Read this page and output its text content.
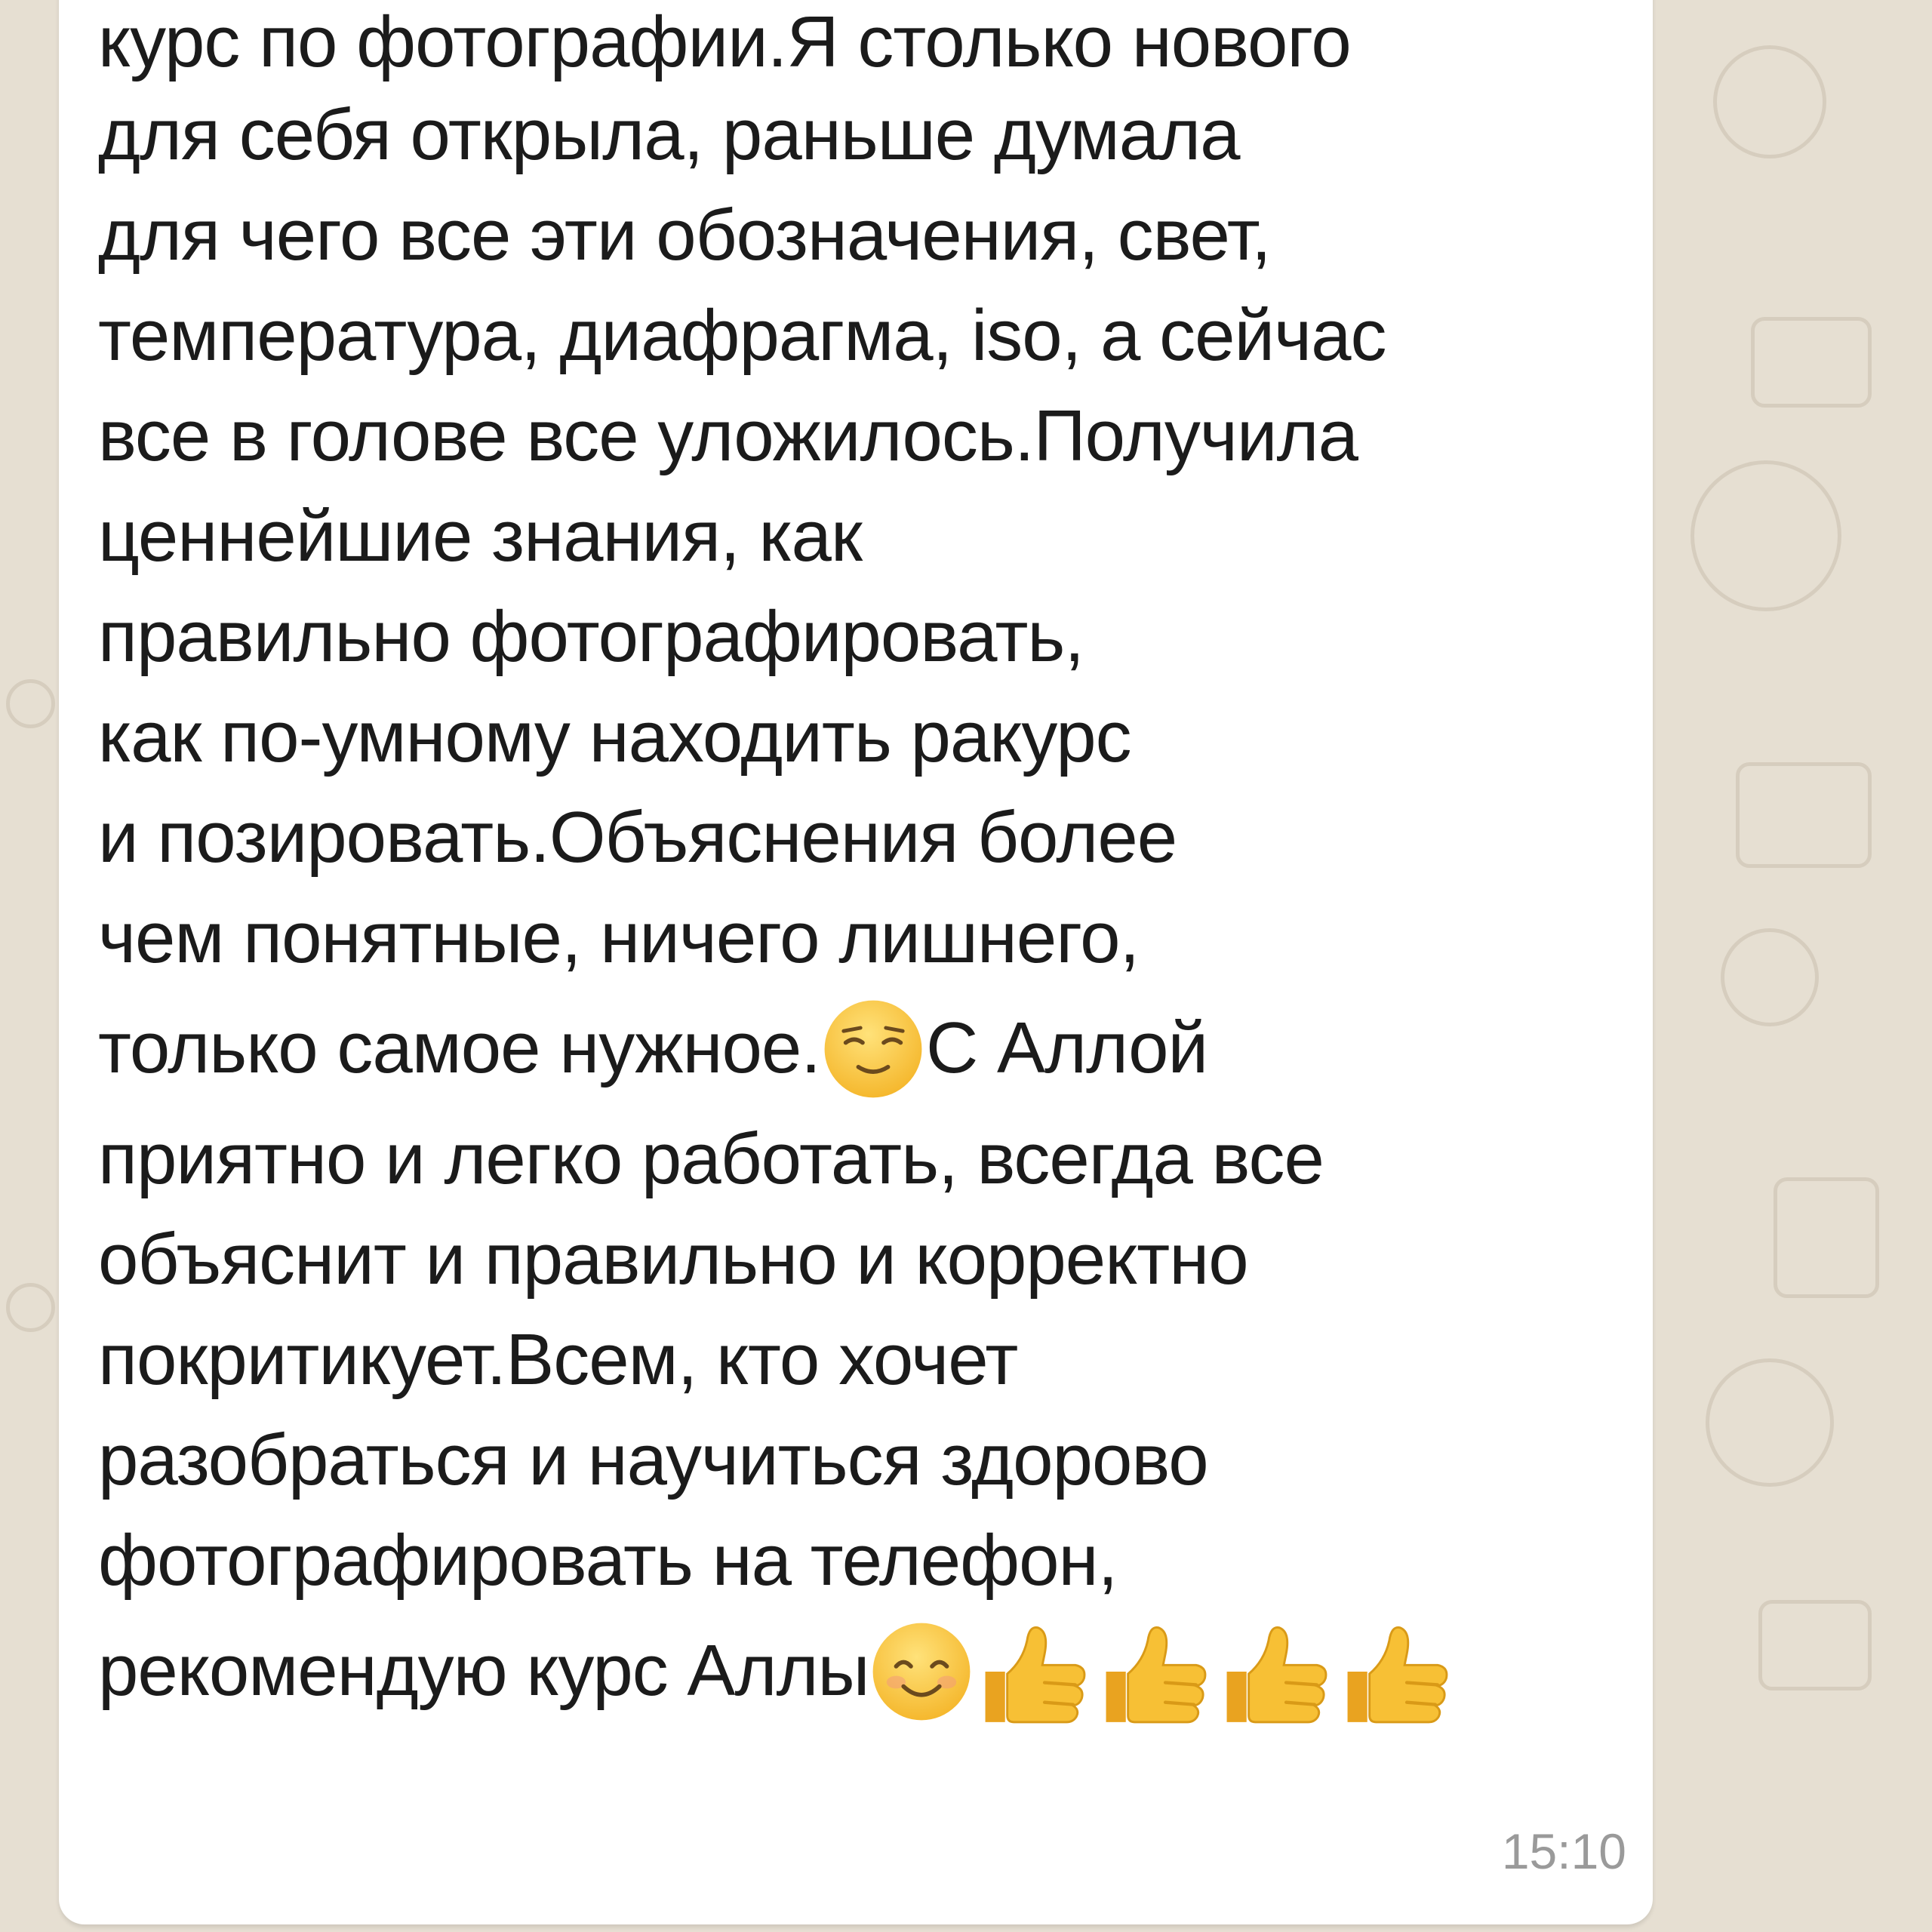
курс по фотографии.Я столько нового
для себя открыла, раньше думала
для чего все эти обозначения, свет,
температура, диафрагма, iso, а сейчас
все в голове все уложилось.Получила
ценнейшие знания, как
правильно фотографировать,
как по-умному находить ракурс
и позировать.Объяснения более
чем понятные, ничего лишнего,
только самое нужное. С Аллой
приятно и легко работать, всегда все
объяснит и правильно и корректно
покритикует.Всем, кто хочет
разобраться и научиться здорово
фотографировать на телефон,
рекомендую курс Аллы
15:10
